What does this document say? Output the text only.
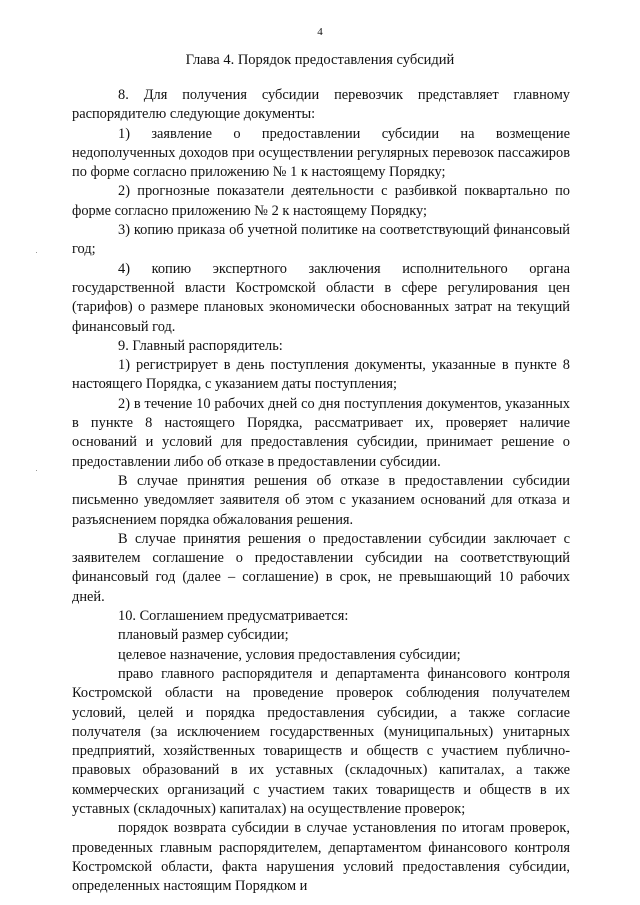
4
Глава 4. Порядок предоставления субсидий

8. Для получения субсидии перевозчик представляет главному распорядителю следующие документы:

1) заявление о предоставлении субсидии на возмещение недополученных доходов при осуществлении регулярных перевозок пассажиров по форме согласно приложению № 1 к настоящему Порядку;

2) прогнозные показатели деятельности с разбивкой поквартально по форме согласно приложению № 2 к настоящему Порядку;

3) копию приказа об учетной политике на соответствующий финансовый год;

4) копию экспертного заключения исполнительного органа государственной власти Костромской области в сфере регулирования цен (тарифов) о размере плановых экономически обоснованных затрат на текущий финансовый год.

9. Главный распорядитель:

1) регистрирует в день поступления документы, указанные в пункте 8 настоящего Порядка, с указанием даты поступления;

2) в течение 10 рабочих дней со дня поступления документов, указанных в пункте 8 настоящего Порядка, рассматривает их, проверяет наличие оснований и условий для предоставления субсидии, принимает решение о предоставлении либо об отказе в предоставлении субсидии.

В случае принятия решения об отказе в предоставлении субсидии письменно уведомляет заявителя об этом с указанием оснований для отказа и разъяснением порядка обжалования решения.

В случае принятия решения о предоставлении субсидии заключает с заявителем соглашение о предоставлении субсидии на соответствующий финансовый год (далее – соглашение) в срок, не превышающий 10 рабочих дней.

10. Соглашением предусматривается:

плановый размер субсидии;

целевое назначение, условия предоставления субсидии;

право главного распорядителя и департамента финансового контроля Костромской области на проведение проверок соблюдения получателем условий, целей и порядка предоставления субсидии, а также согласие получателя (за исключением государственных (муниципальных) унитарных предприятий, хозяйственных товариществ и обществ с участием публично-правовых образований в их уставных (складочных) капиталах, а также коммерческих организаций с участием таких товариществ и обществ в их уставных (складочных) капиталах) на осуществление проверок;

порядок возврата субсидии в случае установления по итогам проверок, проведенных главным распорядителем, департаментом финансового контроля Костромской области, факта нарушения условий предоставления субсидии, определенных настоящим Порядком и
